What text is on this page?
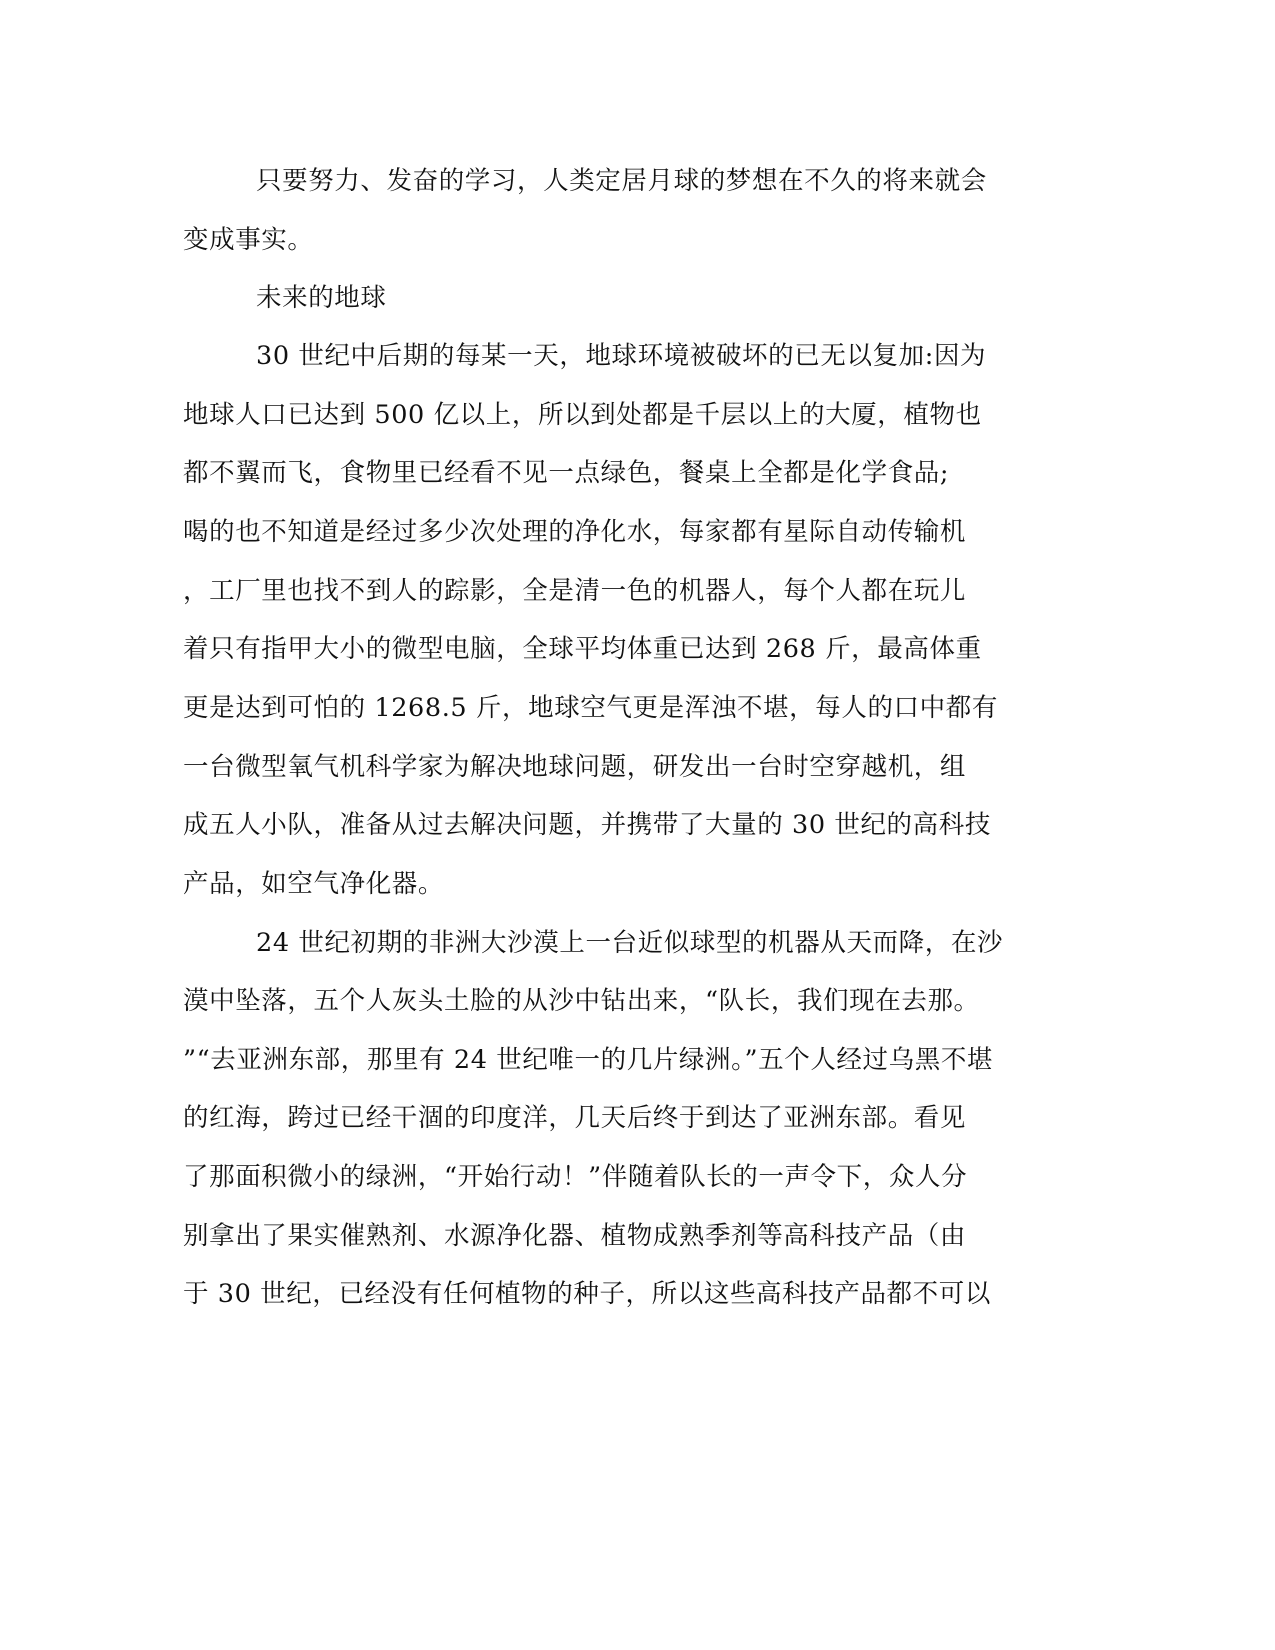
只要努力、发奋的学习，人类定居月球的梦想在不久的将来就会
变成事实。
未来的地球
30 世纪中后期的每某一天，地球环境被破坏的已无以复加:因为
地球人口已达到 500 亿以上，所以到处都是千层以上的大厦，植物也
都不翼而飞，食物里已经看不见一点绿色，餐桌上全都是化学食品;
喝的也不知道是经过多少次处理的净化水，每家都有星际自动传输机
，工厂里也找不到人的踪影，全是清一色的机器人，每个人都在玩儿
着只有指甲大小的微型电脑，全球平均体重已达到 268 斤，最高体重
更是达到可怕的 1268.5 斤，地球空气更是浑浊不堪，每人的口中都有
一台微型氧气机科学家为解决地球问题，研发出一台时空穿越机，组
成五人小队，准备从过去解决问题，并携带了大量的 30 世纪的高科技
产品，如空气净化器。
24 世纪初期的非洲大沙漠上一台近似球型的机器从天而降，在沙
漠中坠落，五个人灰头土脸的从沙中钻出来，“队长，我们现在去那。
”“去亚洲东部，那里有 24 世纪唯一的几片绿洲。”五个人经过乌黑不堪
的红海，跨过已经干涸的印度洋，几天后终于到达了亚洲东部。看见
了那面积微小的绿洲，“开始行动！”伴随着队长的一声令下，众人分
别拿出了果实催熟剂、水源净化器、植物成熟季剂等高科技产品（由
于 30 世纪，已经没有任何植物的种子，所以这些高科技产品都不可以
